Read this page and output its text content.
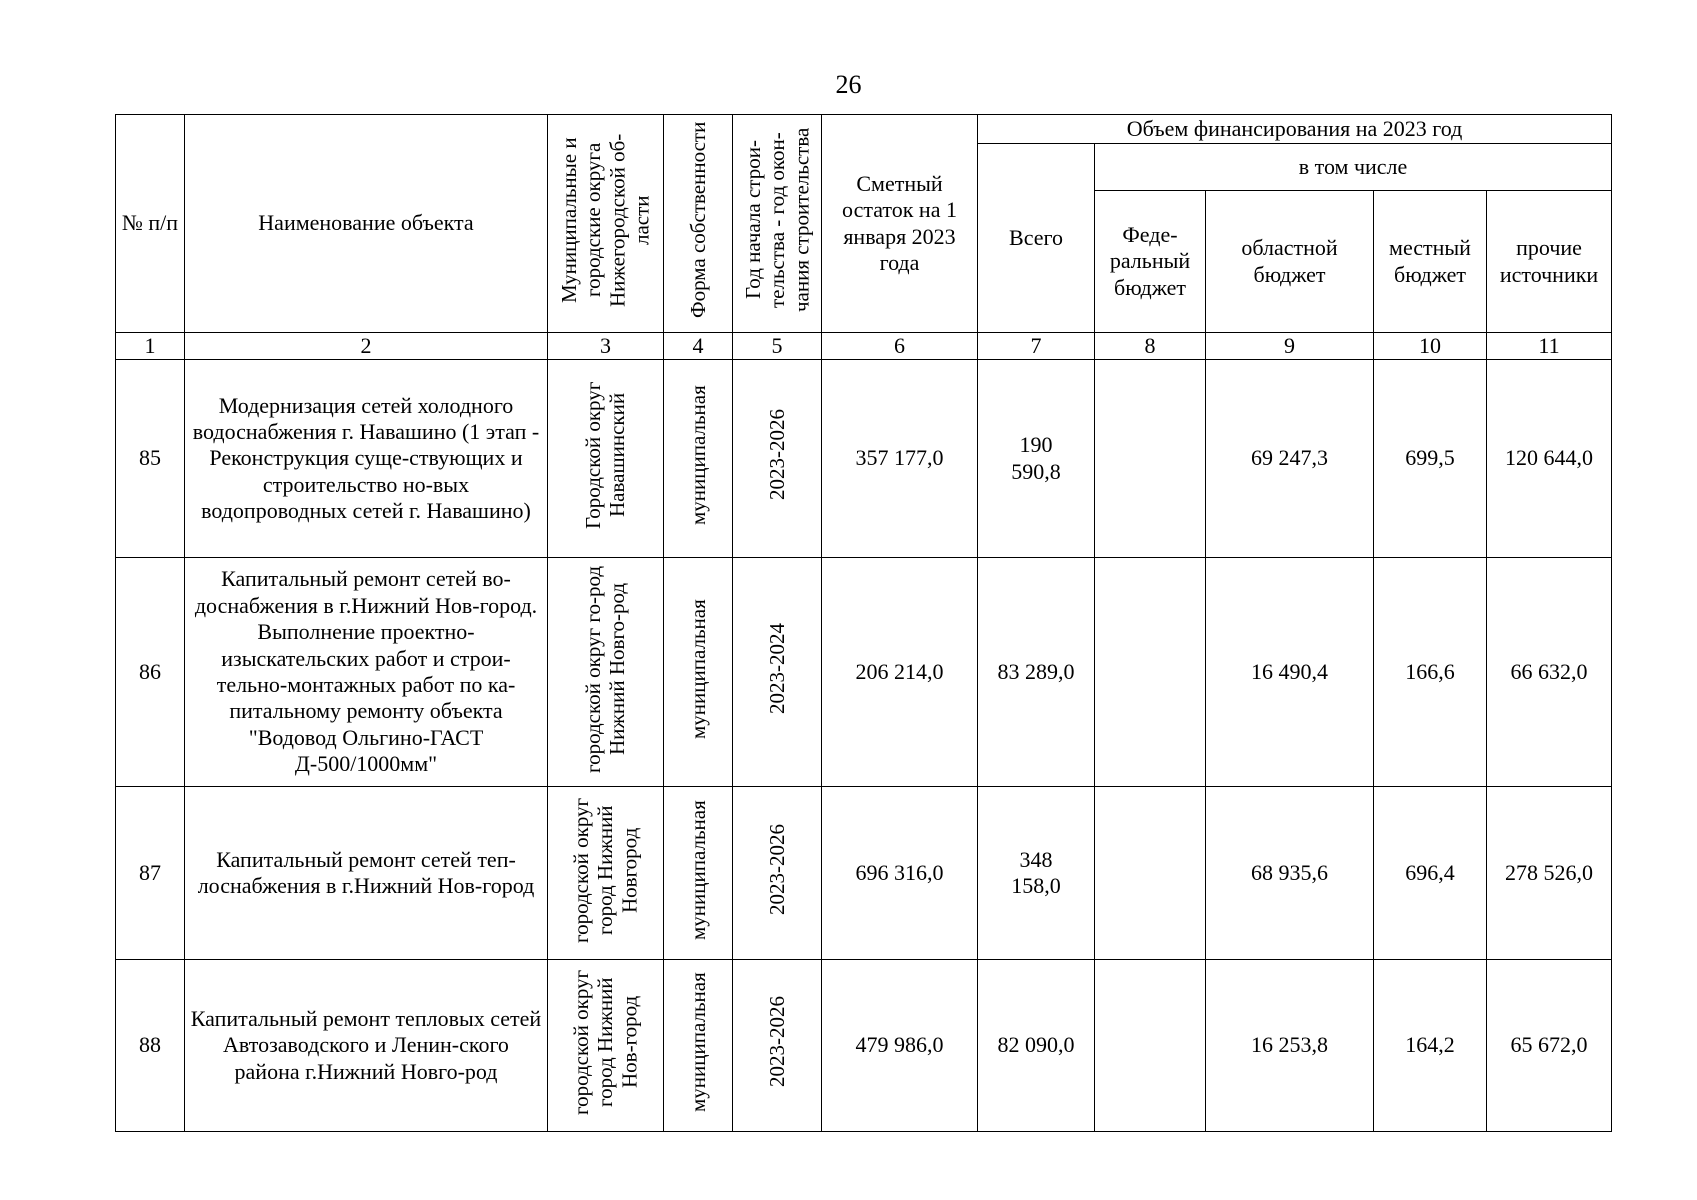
26
№ п/п	Наименование объекта	Муниципальные и городские округа Нижегородской об-ласти	Форма собственности	Год начала строи-тельства - год окон-чания строительства	Сметный остаток на 1 января 2023 года	Объем финансирования на 2023 год				
						Всего	в том числе			
							Феде-ральный бюджет	областной бюджет	местный бюджет	прочие источники
1	2	3	4	5	6	7	8	9	10	11
85	Модернизация сетей холодного водоснабжения г. Навашино (1 этап - Реконструкция суще-ствующих и строительство но-вых водопроводных сетей г. Навашино)	Городской округ Навашинский	муниципальная	2023-2026	357 177,0	190 590,8		69 247,3	699,5	120 644,0
86	Капитальный ремонт сетей во-доснабжения в г.Нижний Нов-город. Выполнение проектно-изыскательских работ и строи-тельно-монтажных работ по ка-питальному ремонту объекта "Водовод Ольгино-ГАСТ Д-500/1000мм"	городской округ го-род Нижний Новго-род	муниципальная	2023-2024	206 214,0	83 289,0		16 490,4	166,6	66 632,0
87	Капитальный ремонт сетей теп-лоснабжения в г.Нижний Нов-город	городской округ город Нижний Новгород	муниципальная	2023-2026	696 316,0	348 158,0		68 935,6	696,4	278 526,0
88	Капитальный ремонт тепловых сетей Автозаводского и Ленин-ского района г.Нижний Новго-род	городской округ город Нижний Нов-город	муниципальная	2023-2026	479 986,0	82 090,0		16 253,8	164,2	65 672,0
